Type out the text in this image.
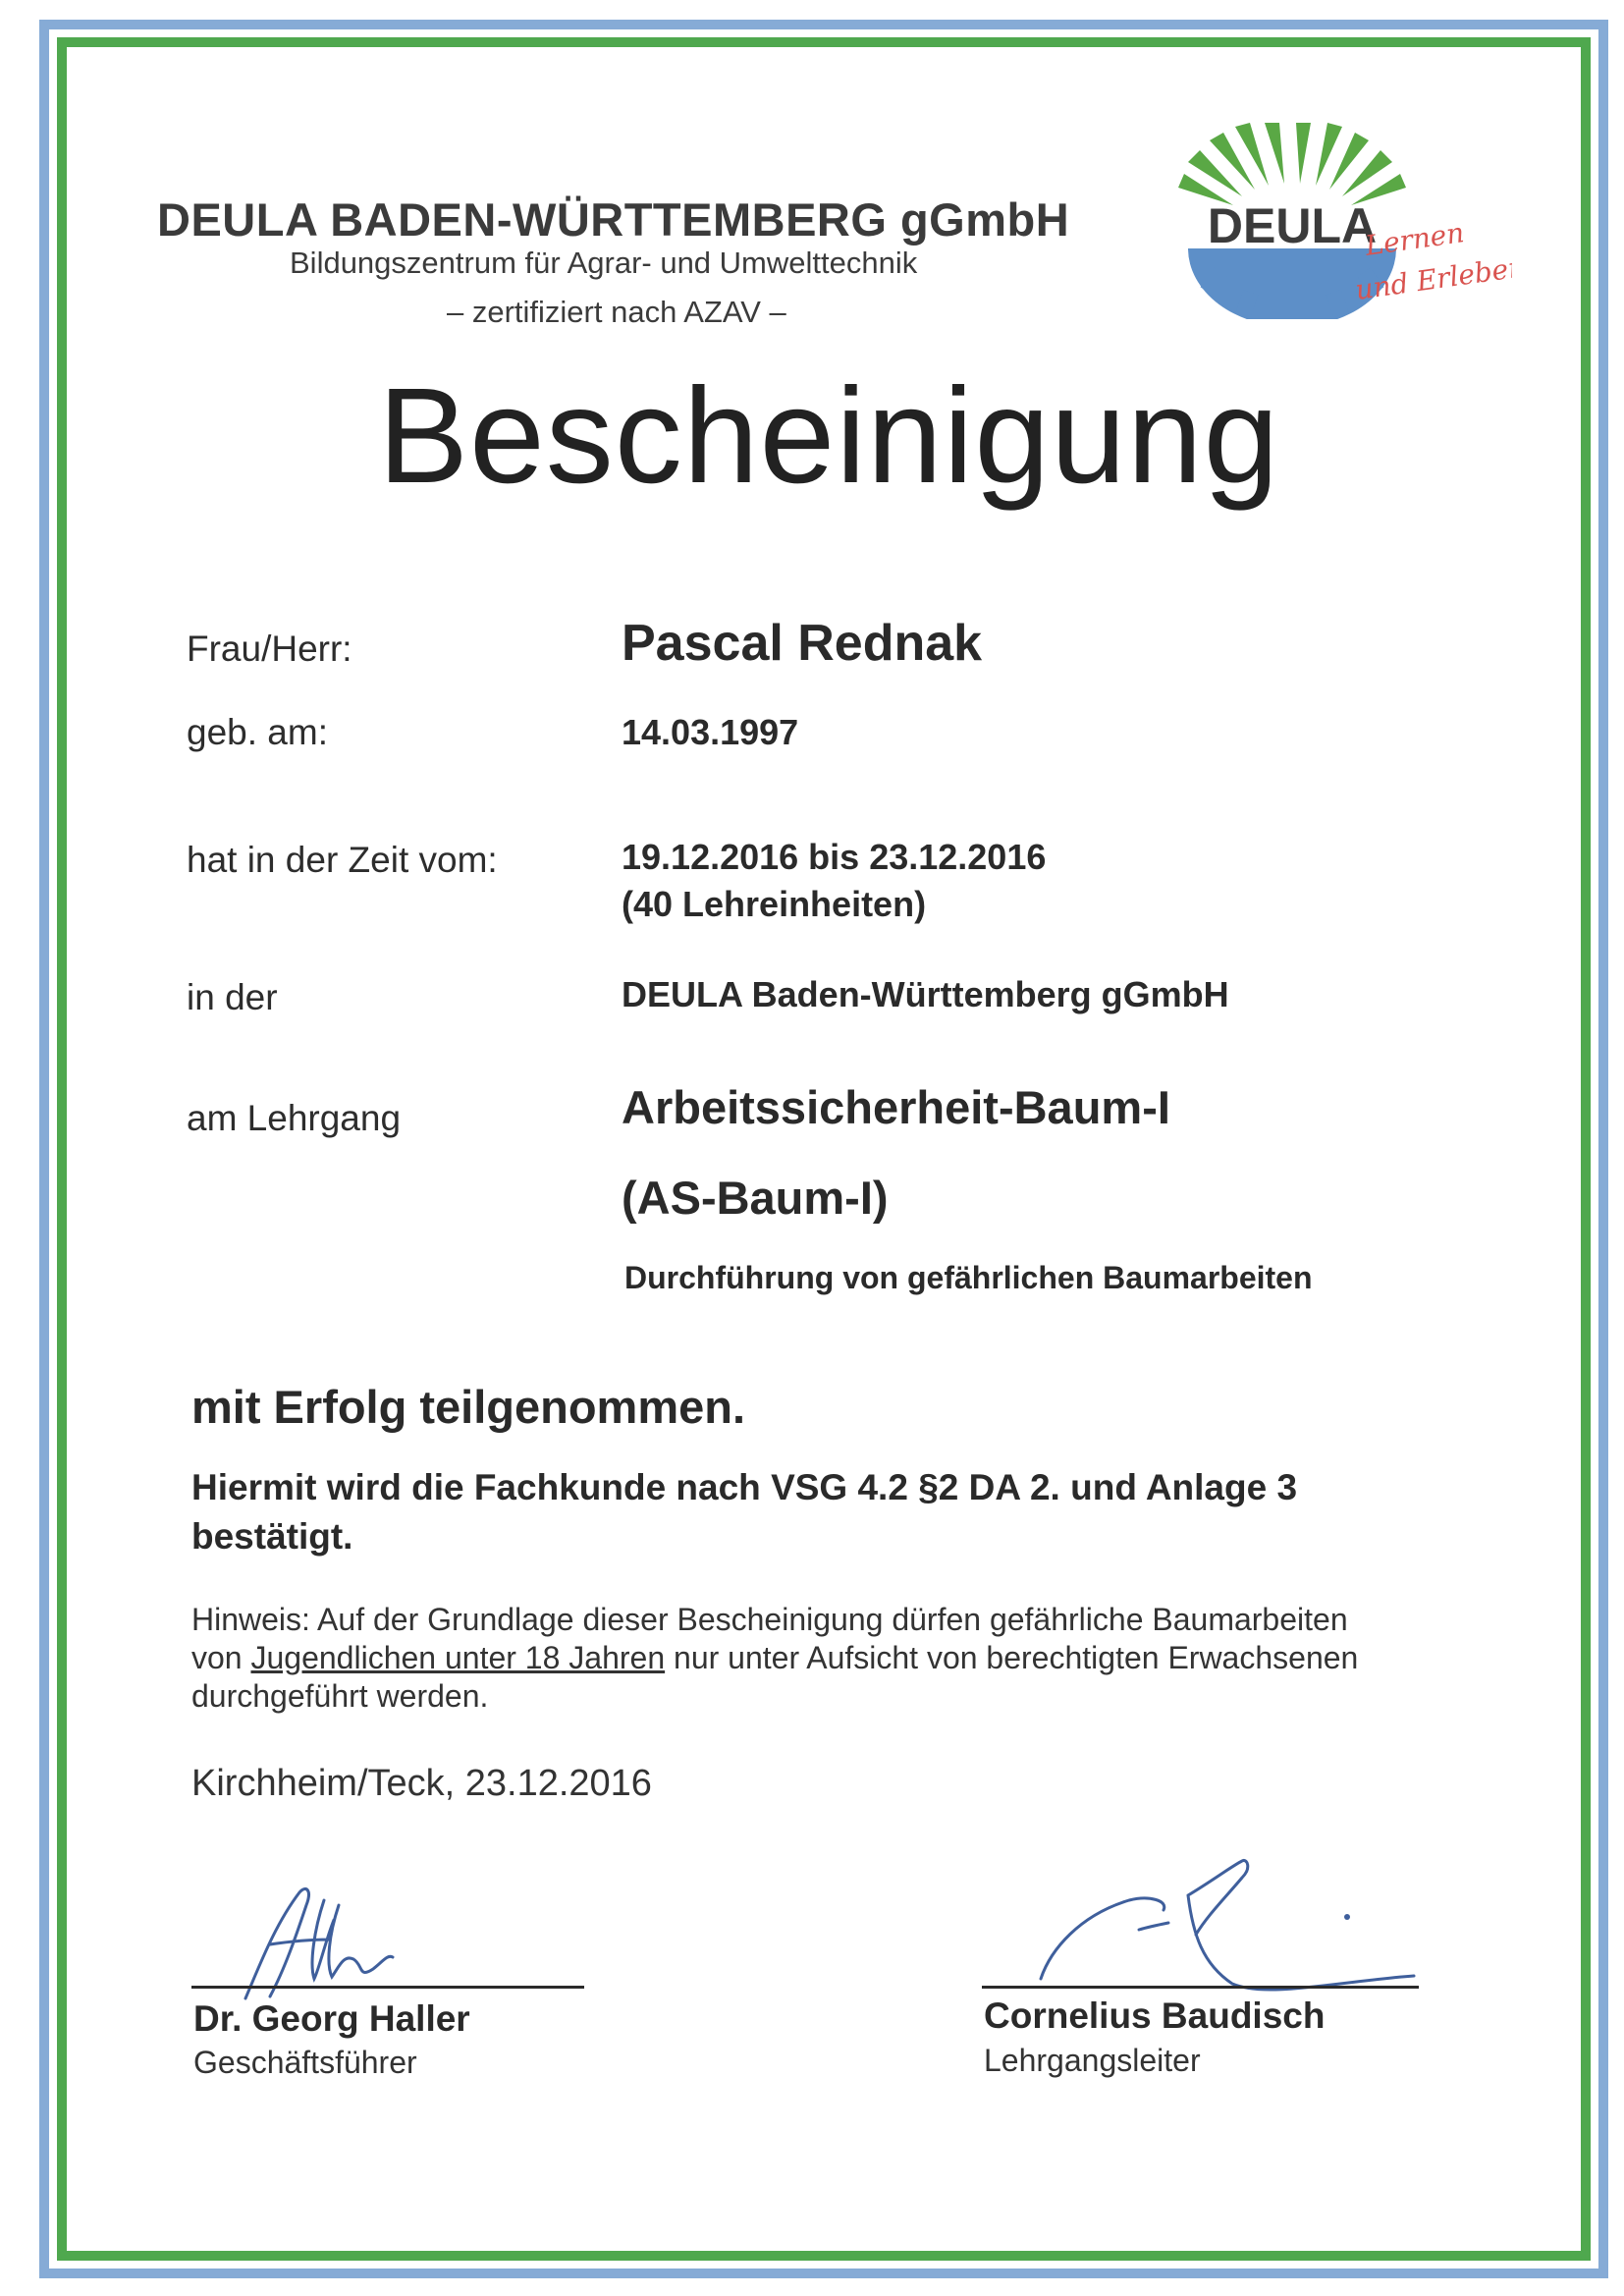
DEULA BADEN-WÜRTTEMBERG gGmbH
Bildungszentrum für Agrar- und Umwelttechnik
– zertifiziert nach AZAV –
DEULA
Lernen
und Erleben
Bescheinigung
Frau/Herr:
geb. am:
hat in der Zeit vom:
in der
am Lehrgang
Pascal Rednak
14.03.1997
19.12.2016 bis 23.12.2016
(40 Lehreinheiten)
DEULA Baden-Württemberg gGmbH
Arbeitssicherheit-Baum-I
(AS-Baum-I)
Durchführung von gefährlichen Baumarbeiten
mit Erfolg teilgenommen.
Hiermit wird die Fachkunde nach VSG 4.2 §2 DA 2. und Anlage 3
bestätigt.
Hinweis: Auf der Grundlage dieser Bescheinigung dürfen gefährliche Baumarbeiten
von Jugendlichen unter 18 Jahren nur unter Aufsicht von berechtigten Erwachsenen
durchgeführt werden.
Kirchheim/Teck, 23.12.2016
Dr. Georg Haller
Geschäftsführer
Cornelius Baudisch
Lehrgangsleiter
